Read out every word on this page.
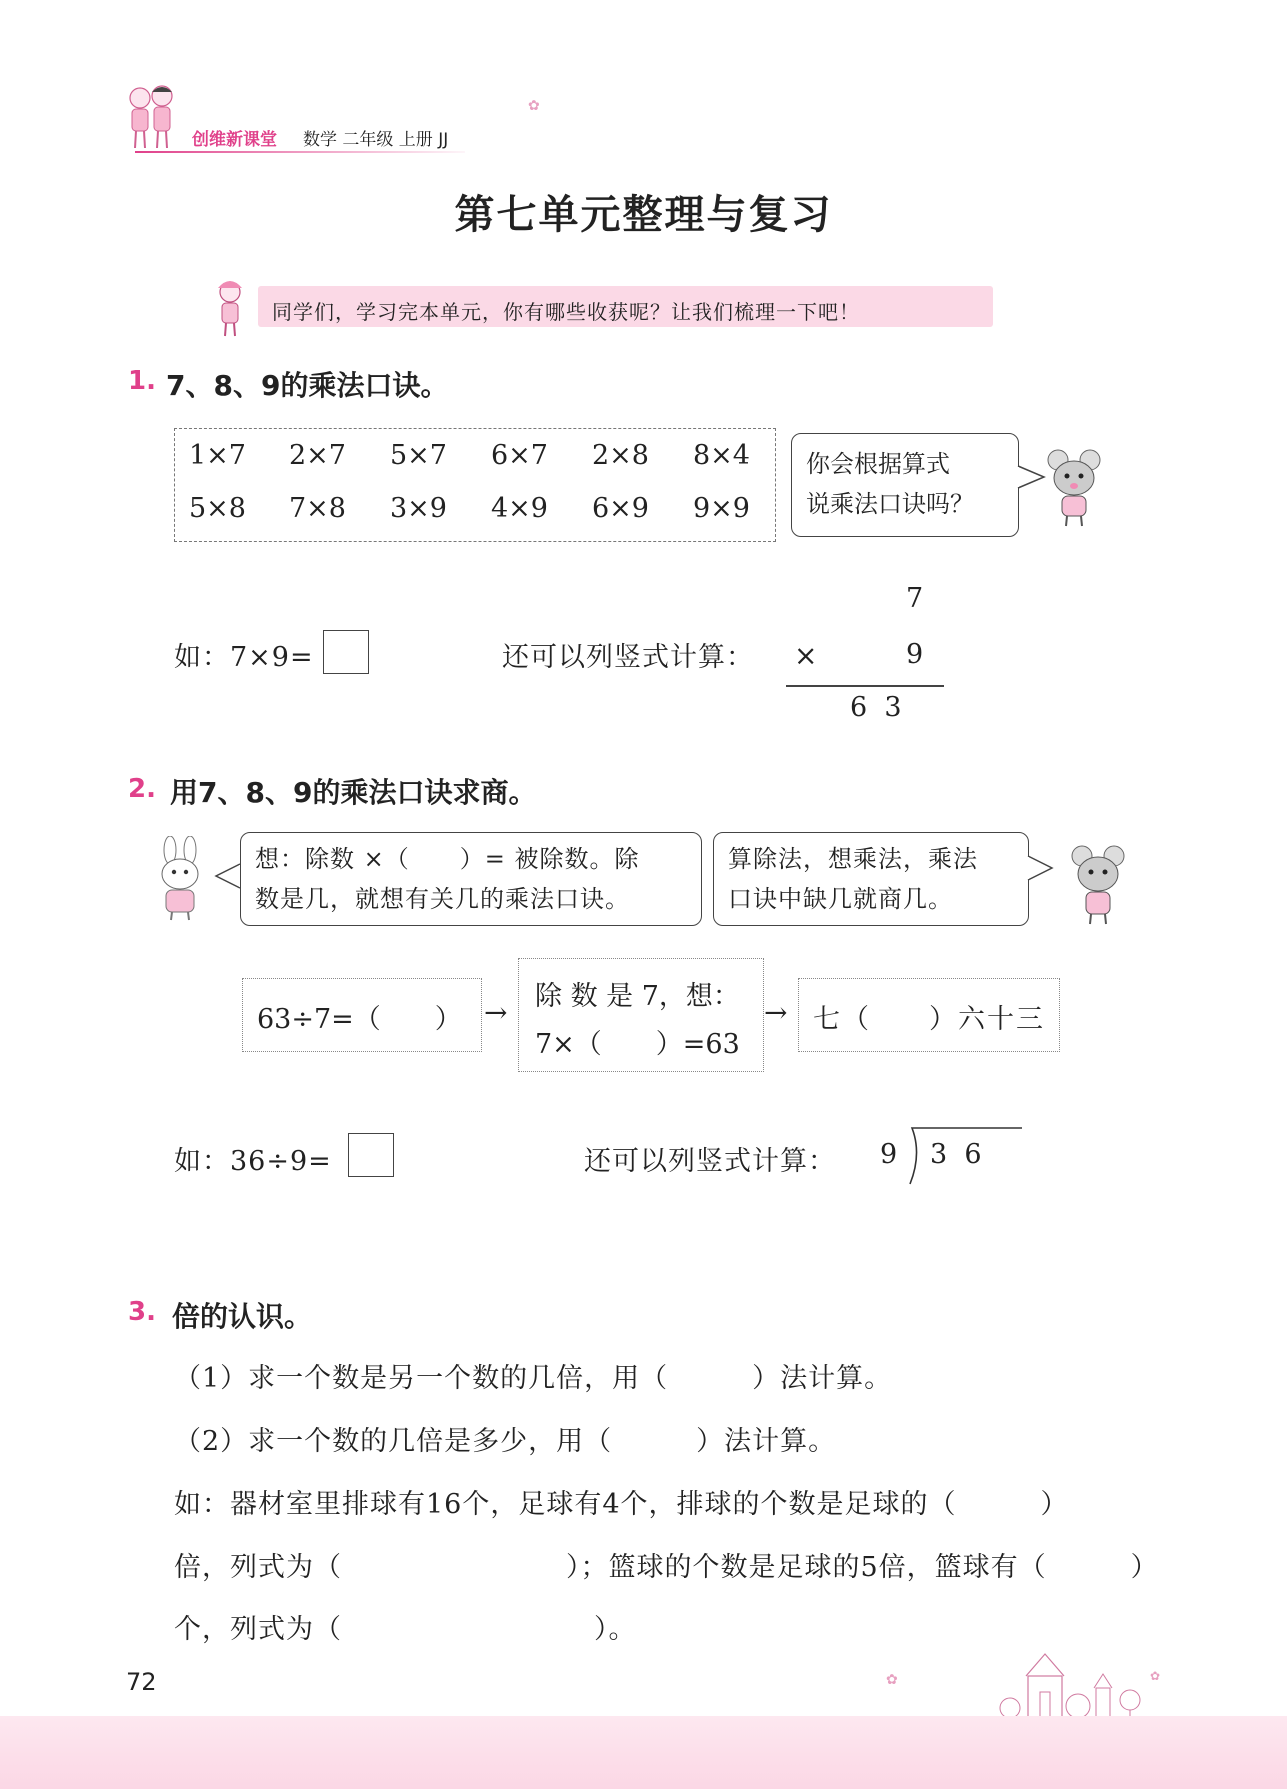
创维新课堂 数学 二年级 上册 JJ
✿
第七单元整理与复习
同学们，学习完本单元，你有哪些收获呢？让我们梳理一下吧！
1. 7、8、9的乘法口诀。
1×7 2×7 5×7 6×7 2×8 8×4
5×8 7×8 3×9 4×9 6×9 9×9
你会根据算式
说乘法口诀吗？
如：7×9=	还可以列竖式计算：
7
×	9
6  3
2. 用7、8、9的乘法口诀求商。
想：除数 ×（　　）= 被除数。除
数是几，就想有关几的乘法口诀。
算除法，想乘法，乘法
口诀中缺几就商几。
63÷7=（　　） → 除 数 是 7，想：
7×（　　）=63
→ 七（　　）六十三
如：36÷9=	还可以列竖式计算： 9 3  6
3. 倍的认识。
（1）求一个数是另一个数的几倍，用（　　　）法计算。
（2）求一个数的几倍是多少，用（　　　）法计算。
如：器材室里排球有16个，足球有4个，排球的个数是足球的（　　　）
倍，列式为（　　　　　　　　）；篮球的个数是足球的5倍，篮球有（　　　）
个，列式为（　　　　　　　　　）。
72	✿	✿
